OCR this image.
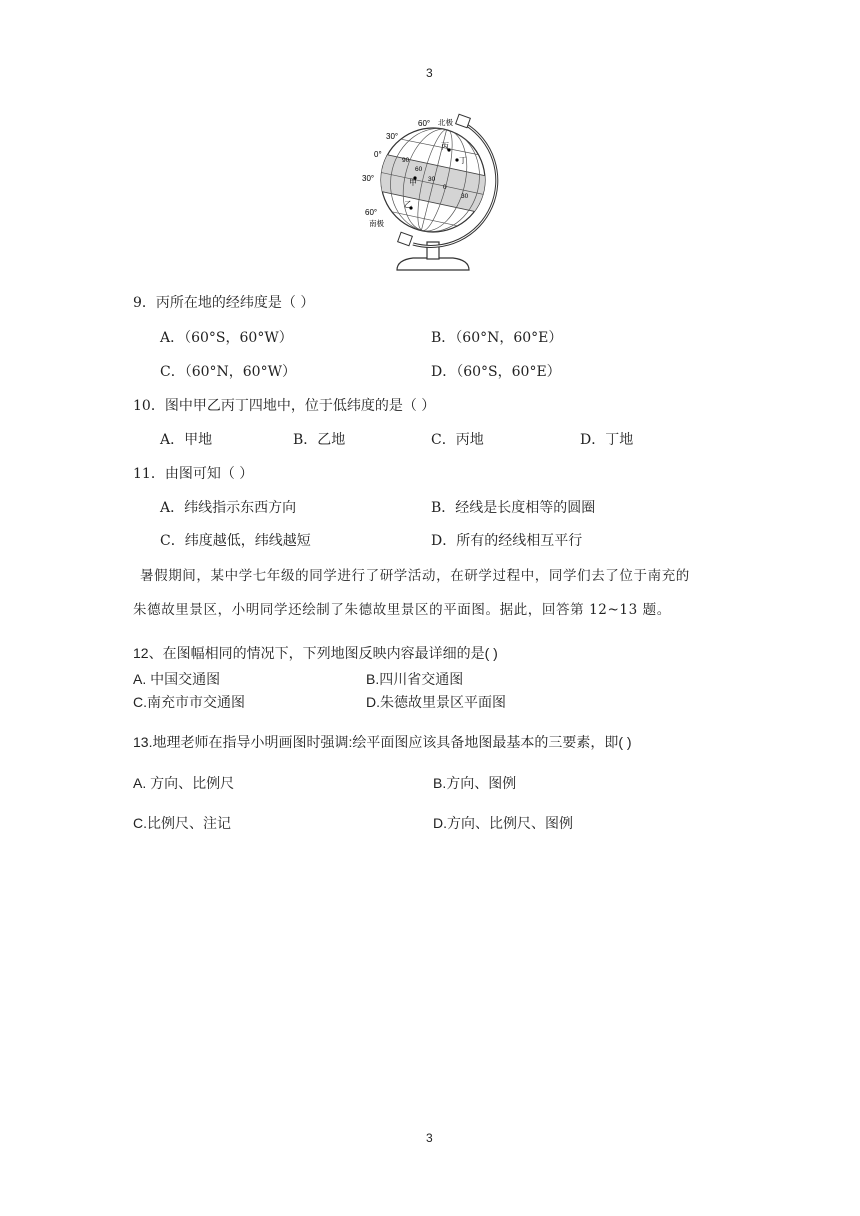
3
60° 北极
30°
0°
30°
60°
南极
90
60
30
0
30
丙
丁
甲
乙
9．丙所在地的经纬度是（ ）
A．（60°S，60°W）	B．（60°N，60°E）
C．（60°N，60°W）	D．（60°S，60°E）
10．图中甲乙丙丁四地中，位于低纬度的是（ ）
A．甲地	B．乙地	C．丙地	D．丁地
11．由图可知（ ）
A．纬线指示东西方向	B．经线是长度相等的圆圈
C．纬度越低，纬线越短	D．所有的经线相互平行
暑假期间，某中学七年级的同学进行了研学活动，在研学过程中，同学们去了位于南充的
朱德故里景区，小明同学还绘制了朱德故里景区的平面图。据此，回答第 12~13 题。
12、在图幅相同的情况下，下列地图反映内容最详细的是( )
A. 中国交通图	B.四川省交通图
C.南充市市交通图	D.朱德故里景区平面图
13.地理老师在指导小明画图时强调:绘平面图应该具备地图最基本的三要素，即( )
A. 方向、比例尺	B.方向、图例
C.比例尺、注记	D.方向、比例尺、图例
3
